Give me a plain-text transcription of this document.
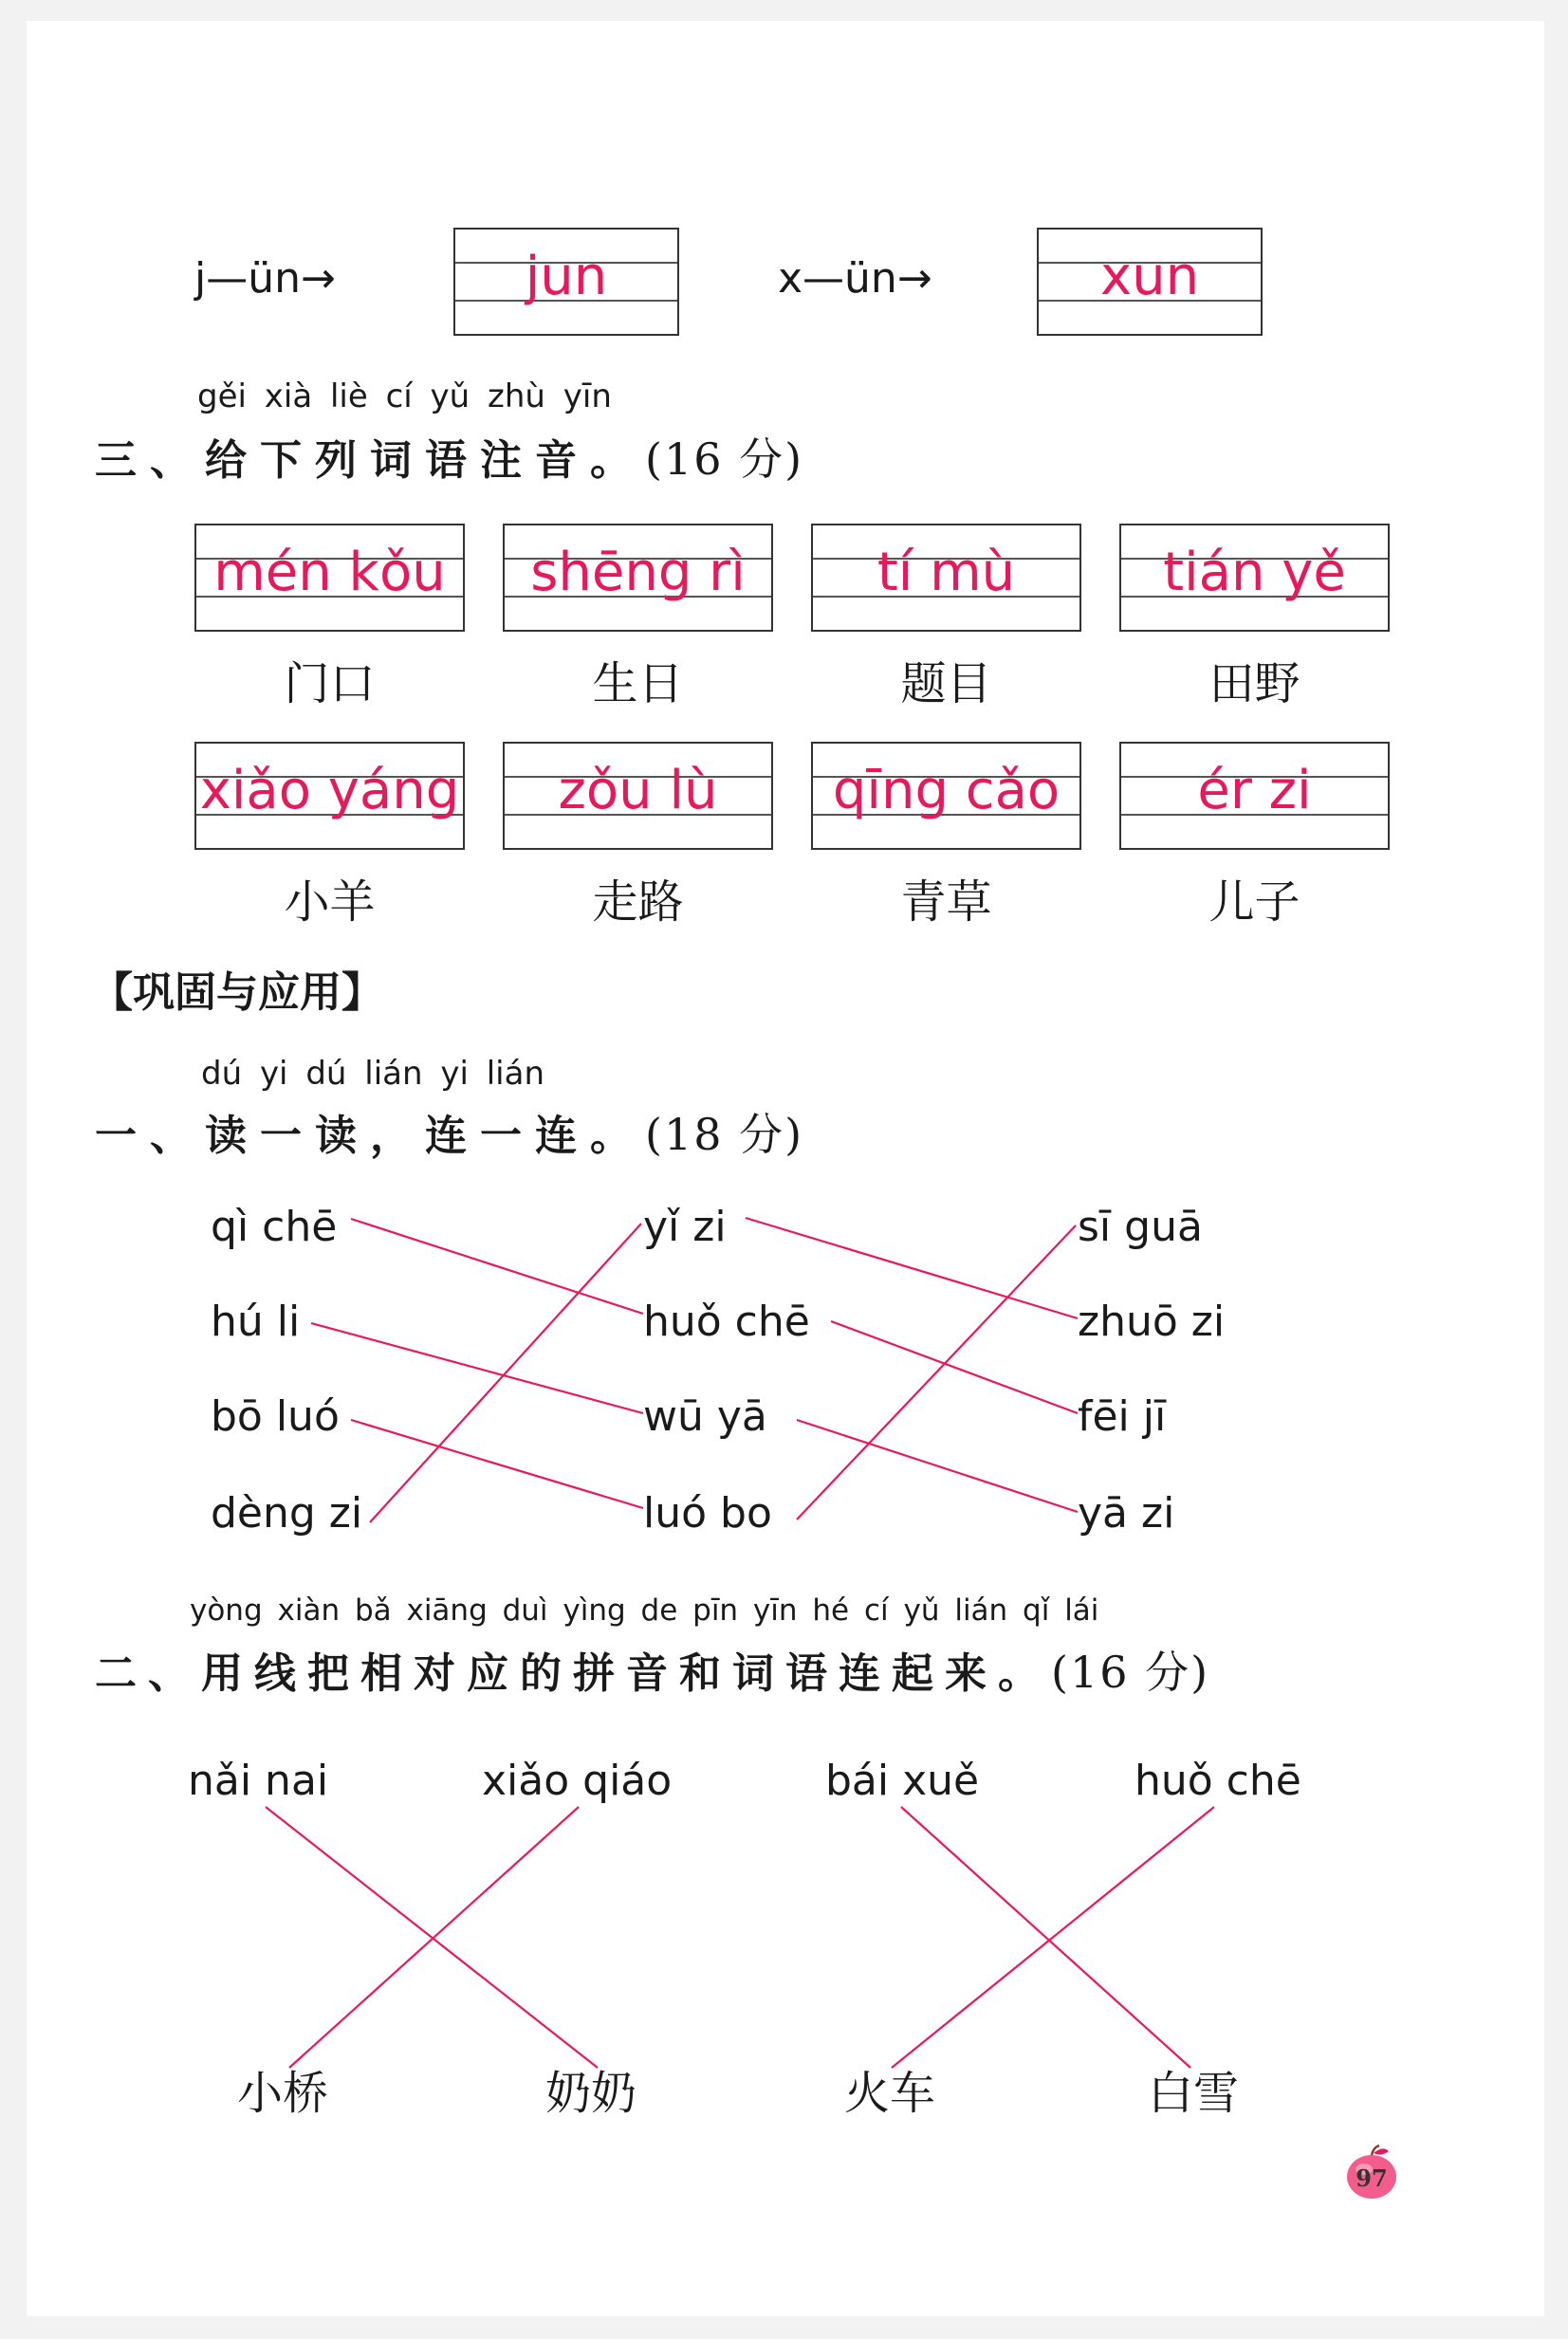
j—ün→	jun	x—ün→	xun
gěi xià liè cí yǔ zhù yīn
三、给下列词语注音。(16 分)
mén kǒu
门口
shēng rì
生日
tí mù
题目
tián yě
田野
xiǎo yáng
小羊
zǒu lù
走路
qīng cǎo
青草
ér zi
儿子
【巩固与应用】
dú yi dú lián yi lián
一、读一读，连一连。(18 分)
qì chē
hú li
bō luó
dèng zi
yǐ zi
huǒ chē
wū yā
luó bo
sī guā
zhuō zi
fēi jī
yā zi
yòng xiàn bǎ xiāng duì yìng de pīn yīn hé cí yǔ lián qǐ lái
二、用线把相对应的拼音和词语连起来。(16 分)
nǎi nai	xiǎo qiáo	bái xuě	huǒ chē
小桥	奶奶	火车	白雪
97
